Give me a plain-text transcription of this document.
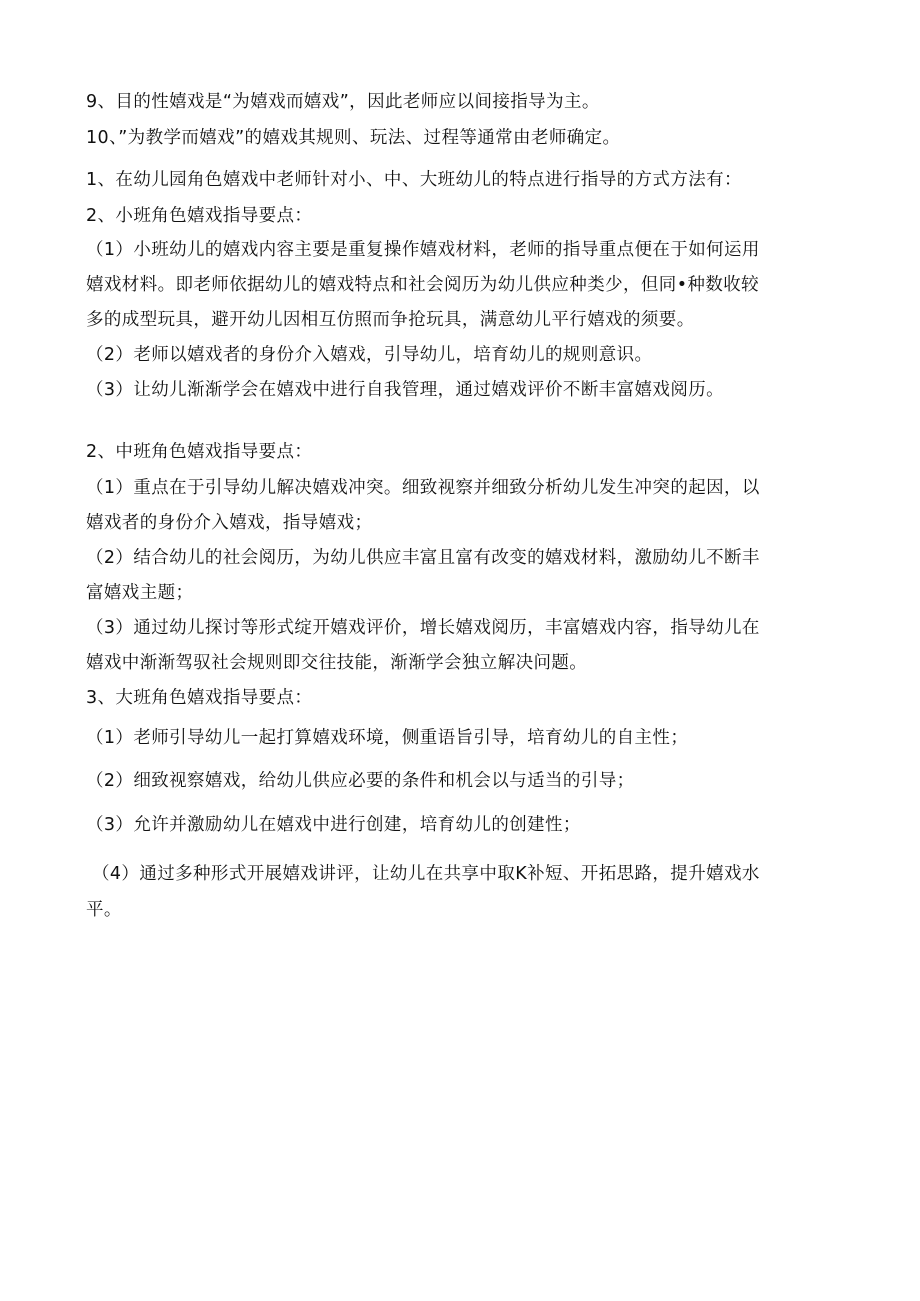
9、目的性嬉戏是“为嬉戏而嬉戏”，因此老师应以间接指导为主。
10、”为教学而嬉戏”的嬉戏其规则、玩法、过程等通常由老师确定。
1、在幼儿园角色嬉戏中老师针对小、中、大班幼儿的特点进行指导的方式方法有：
2、小班角色嬉戏指导要点：
（1）小班幼儿的嬉戏内容主要是重复操作嬉戏材料，老师的指导重点便在于如何运用
嬉戏材料。即老师依据幼儿的嬉戏特点和社会阅历为幼儿供应种类少，但同•种数收较
多的成型玩具，避开幼儿因相互仿照而争抢玩具，满意幼儿平行嬉戏的须要。
（2）老师以嬉戏者的身份介入嬉戏，引导幼儿，培育幼儿的规则意识。
（3）让幼儿渐渐学会在嬉戏中进行自我管理，通过嬉戏评价不断丰富嬉戏阅历。
2、中班角色嬉戏指导要点：
（1）重点在于引导幼儿解决嬉戏冲突。细致视察并细致分析幼儿发生冲突的起因，以
嬉戏者的身份介入嬉戏，指导嬉戏；
（2）结合幼儿的社会阅历，为幼儿供应丰富且富有改变的嬉戏材料，激励幼儿不断丰
富嬉戏主题；
（3）通过幼儿探讨等形式绽开嬉戏评价，增长嬉戏阅历，丰富嬉戏内容，指导幼儿在
嬉戏中渐渐驾驭社会规则即交往技能，渐渐学会独立解决问题。
3、大班角色嬉戏指导要点：
（1）老师引导幼儿一起打算嬉戏环境，侧重语旨引导，培育幼儿的自主性；
（2）细致视察嬉戏，给幼儿供应必要的条件和机会以与适当的引导；
（3）允许并激励幼儿在嬉戏中进行创建，培育幼儿的创建性；
（4）通过多种形式开展嬉戏讲评，让幼儿在共享中取K补短、开拓思路，提升嬉戏水
平。
